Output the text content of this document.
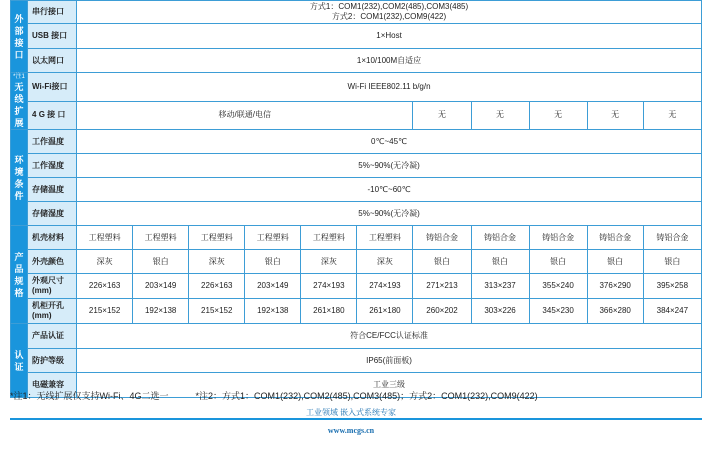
外部接口	串行接口	方式1：COM1(232),COM2(485),COM3(485)
方式2：COM1(232),COM9(422)										

	USB 接口	1×Host										
	以太网口	1×10/100M自适应										

*注1
无线扩展	Wi-Fi接口	Wi-Fi IEEE802.11 b/g/n										
	4 G 接 口	移动/联通/电信						无	无	无	无	无
环境条件	工作温度	0℃~45℃										
	工作湿度	5%~90%(无冷凝)										
	存储温度	-10℃~60℃										
	存储湿度	5%~90%(无冷凝)										
产品规格	机壳材料	工程塑料	工程塑料	工程塑料	工程塑料	工程塑料	工程塑料	铸铝合金	铸铝合金	铸铝合金	铸铝合金	铸铝合金
	外壳颜色	深灰	银白	深灰	银白	深灰	深灰	银白	银白	银白	银白	银白

	外观尺寸
(mm)	226×163	203×149	226×163	203×149	274×193	274×193	271×213	313×237	355×240	376×290	395×258

	机柜开孔
(mm)	215×152	192×138	215×152	192×138	261×180	261×180	260×202	303×226	345×230	366×280	384×247
认证	产品认证	符合CE/FCC认证标准										
	防护等级	IP65(前面板)										
	电磁兼容	工业三级										
*注1：无线扩展仅支持Wi-Fi、4G二选一	*注2：方式1：COM1(232),COM2(485),COM3(485)；方式2：COM1(232),COM9(422)
工业领域 嵌入式系统专家
www.mcgs.cn
